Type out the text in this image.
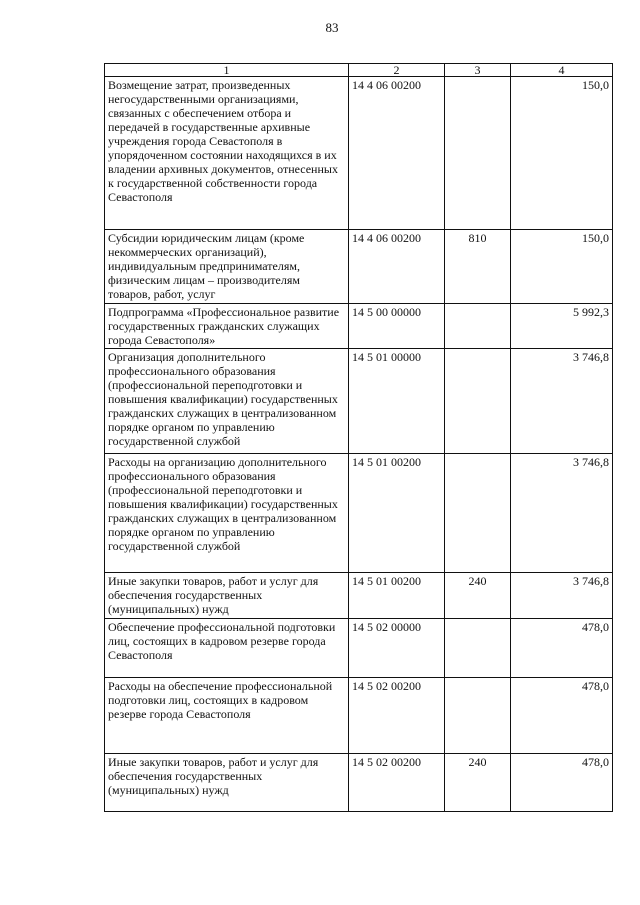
83
1	2	3	4
Возмещение затрат, произведенных негосударственными организациями, связанных с обеспечением отбора и передачей в государственные архивные учреждения города Севастополя в упорядоченном состоянии находящихся в их владении архивных документов, отнесенных к государственной собственности города Севастополя	14 4 06 00200		150,0
Субсидии юридическим лицам (кроме некоммерческих организаций), индивидуальным предпринимателям, физическим лицам – производителям товаров, работ, услуг	14 4 06 00200	810	150,0
Подпрограмма «Профессиональное развитие государственных гражданских служащих города Севастополя»	14 5 00 00000		5 992,3
Организация дополнительного профессионального образования (профессиональной переподготовки и повышения квалификации) государственных гражданских служащих в централизованном порядке органом по управлению государственной службой	14 5 01 00000		3 746,8
Расходы на организацию дополнительного профессионального образования (профессиональной переподготовки и повышения квалификации) государственных гражданских служащих в централизованном порядке органом по управлению государственной службой	14 5 01 00200		3 746,8
Иные закупки товаров, работ и услуг для обеспечения государственных (муниципальных) нужд	14 5 01 00200	240	3 746,8
Обеспечение профессиональной подготовки лиц, состоящих в кадровом резерве города Севастополя	14 5 02 00000		478,0
Расходы на обеспечение профессиональной подготовки лиц, состоящих в кадровом резерве города Севастополя	14 5 02 00200		478,0
Иные закупки товаров, работ и услуг для обеспечения государственных (муниципальных) нужд	14 5 02 00200	240	478,0
